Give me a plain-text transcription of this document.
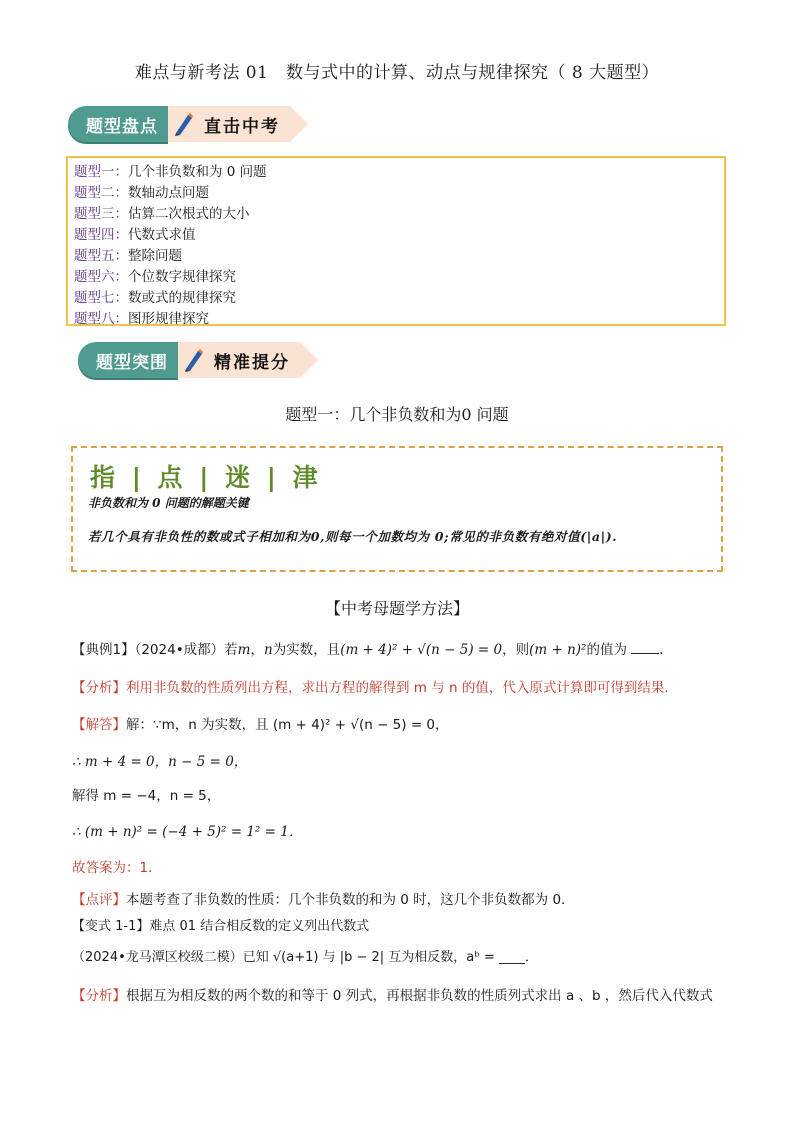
难点与新考法 01　数与式中的计算、动点与规律探究（ 8 大题型）
题型盘点	直击中考
题型一：几个非负数和为 0 问题
题型二：数轴动点问题
题型三：估算二次根式的大小
题型四：代数式求值
题型五：整除问题
题型六：个位数字规律探究
题型七：数或式的规律探究
题型八：图形规律探究
题型突围	精准提分
题型一：几个非负数和为0 问题
指 | 点 | 迷 | 津
非负数和为 0 问题的解题关键
若几个具有非负性的数或式子相加和为0,则每一个加数均为 0;常见的非负数有绝对值(|a|).
【中考母题学方法】
【典例1】（2024•成都）若m，n为实数，且(m + 4)² + √(n − 5) = 0，则(m + n)²的值为 ．
【分析】利用非负数的性质列出方程，求出方程的解得到 m 与 n 的值，代入原式计算即可得到结果．
【解答】解：∵m，n 为实数，且 (m + 4)² + √(n − 5) = 0，
∴ m + 4 = 0，n − 5 = 0，
解得 m = −4，n = 5，
∴ (m + n)² = (−4 + 5)² = 1² = 1．
故答案为：1．
【点评】本题考查了非负数的性质：几个非负数的和为 0 时，这几个非负数都为 0．
【变式 1-1】难点 01 结合相反数的定义列出代数式
（2024•龙马潭区校级二模）已知 √(a+1) 与 |b − 2| 互为相反数，aᵇ = ____．
【分析】根据互为相反数的两个数的和等于 0 列式，再根据非负数的性质列式求出 a 、b ，然后代入代数式
